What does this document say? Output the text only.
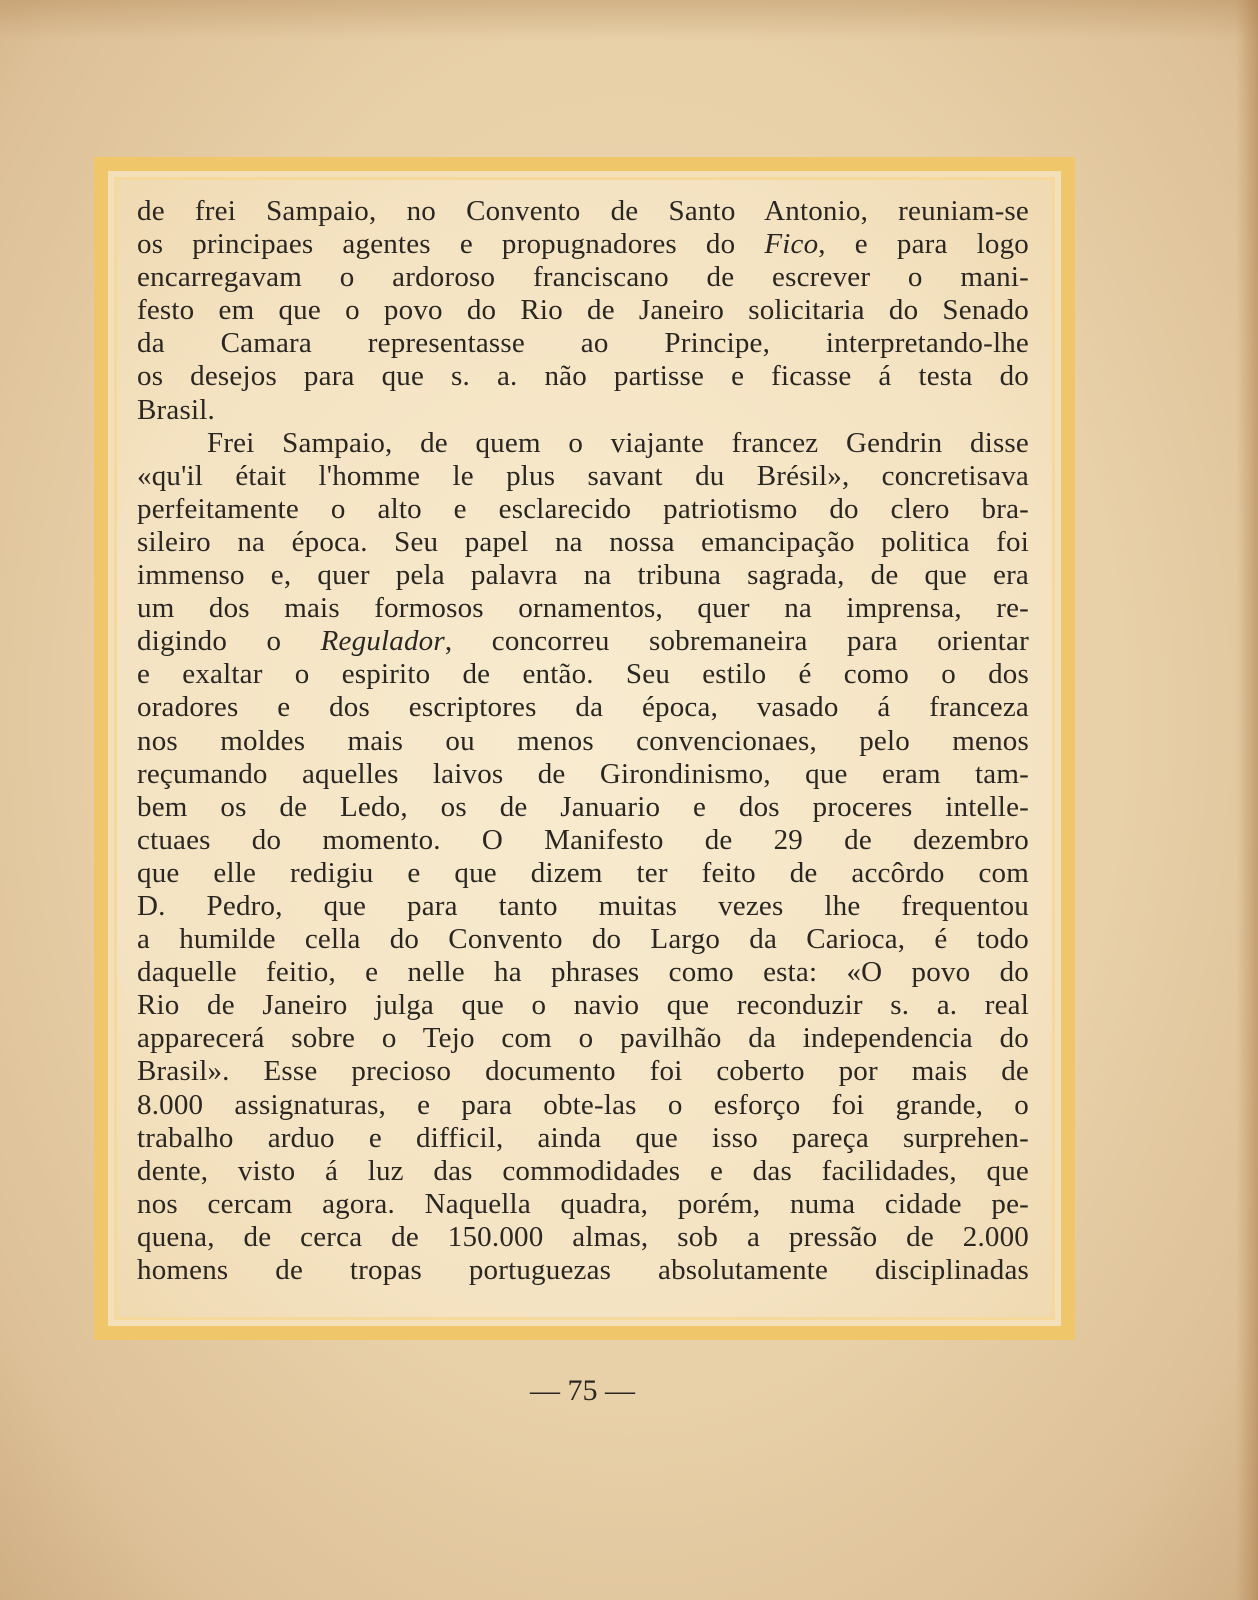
de frei Sampaio, no Convento de Santo Antonio, reuniam-se
os principaes agentes e propugnadores do Fico, e para logo
encarregavam o ardoroso franciscano de escrever o mani-
festo em que o povo do Rio de Janeiro solicitaria do Senado
da Camara representasse ao Principe, interpretando-lhe
os desejos para que s. a. não partisse e ficasse á testa do
Brasil.
Frei Sampaio, de quem o viajante francez Gendrin disse
«qu'il était l'homme le plus savant du Brésil», concretisava
perfeitamente o alto e esclarecido patriotismo do clero bra-
sileiro na época. Seu papel na nossa emancipação politica foi
immenso e, quer pela palavra na tribuna sagrada, de que era
um dos mais formosos ornamentos, quer na imprensa, re-
digindo o Regulador, concorreu sobremaneira para orientar
e exaltar o espirito de então. Seu estilo é como o dos
oradores e dos escriptores da época, vasado á franceza
nos moldes mais ou menos convencionaes, pelo menos
reçumando aquelles laivos de Girondinismo, que eram tam-
bem os de Ledo, os de Januario e dos proceres intelle-
ctuaes do momento. O Manifesto de 29 de dezembro
que elle redigiu e que dizem ter feito de accôrdo com
D. Pedro, que para tanto muitas vezes lhe frequentou
a humilde cella do Convento do Largo da Carioca, é todo
daquelle feitio, e nelle ha phrases como esta: «O povo do
Rio de Janeiro julga que o navio que reconduzir s. a. real
apparecerá sobre o Tejo com o pavilhão da independencia do
Brasil». Esse precioso documento foi coberto por mais de
8.000 assignaturas, e para obte-las o esforço foi grande, o
trabalho arduo e difficil, ainda que isso pareça surprehen-
dente, visto á luz das commodidades e das facilidades, que
nos cercam agora. Naquella quadra, porém, numa cidade pe-
quena, de cerca de 150.000 almas, sob a pressão de 2.000
homens de tropas portuguezas absolutamente disciplinadas
— 75 —
